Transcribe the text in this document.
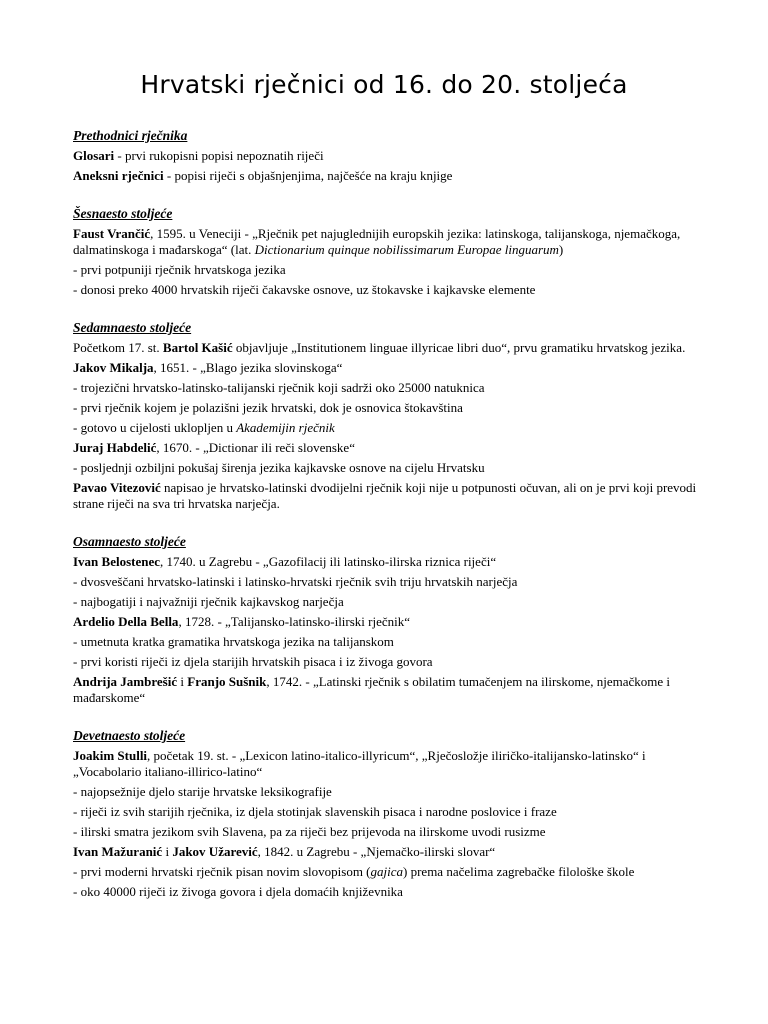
Hrvatski rječnici od 16. do 20. stoljeća
Prethodnici rječnika
Glosari - prvi rukopisni popisi nepoznatih riječi
Aneksni rječnici - popisi riječi s objašnjenjima, najčešće na kraju knjige
Šesnaesto stoljeće
Faust Vrančić, 1595. u Veneciji - „Rječnik pet najuglednijih europskih jezika: latinskoga, talijanskoga, njemačkoga, dalmatinskoga i mađarskoga“ (lat. Dictionarium quinque nobilissimarum Europae linguarum)
- prvi potpuniji rječnik hrvatskoga jezika
- donosi preko 4000 hrvatskih riječi čakavske osnove, uz štokavske i kajkavske elemente
Sedamnaesto stoljeće
Početkom 17. st. Bartol Kašić objavljuje „Institutionem linguae illyricae libri duo“, prvu gramatiku hrvatskog jezika.
Jakov Mikalja, 1651. - „Blago jezika slovinskoga“
- trojezični hrvatsko-latinsko-talijanski rječnik koji sadrži oko 25000 natuknica
- prvi rječnik kojem je polazišni jezik hrvatski, dok je osnovica štokavština
- gotovo u cijelosti uklopljen u Akademijin rječnik
Juraj Habdelić, 1670. - „Dictionar ili reči slovenske“
- posljednji ozbiljni pokušaj širenja jezika kajkavske osnove na cijelu Hrvatsku
Pavao Vitezović napisao je hrvatsko-latinski dvodijelni rječnik koji nije u potpunosti očuvan, ali on je prvi koji prevodi strane riječi na sva tri hrvatska narječja.
Osamnaesto stoljeće
Ivan Belostenec, 1740. u Zagrebu - „Gazofilacij ili latinsko-ilirska riznica riječi“
- dvosveščani hrvatsko-latinski i latinsko-hrvatski rječnik svih triju hrvatskih narječja
- najbogatiji i najvažniji rječnik kajkavskog narječja
Ardelio Della Bella, 1728. - „Talijansko-latinsko-ilirski rječnik“
- umetnuta kratka gramatika hrvatskoga jezika na talijanskom
- prvi koristi riječi iz djela starijih hrvatskih pisaca i iz živoga govora
Andrija Jambrešić i Franjo Sušnik, 1742. - „Latinski rječnik s obilatim tumačenjem na ilirskome, njemačkome i mađarskome“
Devetnaesto stoljeće
Joakim Stulli, početak 19. st. - „Lexicon latino-italico-illyricum“, „Rječosložje iliričko-italijansko-latinsko“ i „Vocabolario italiano-illirico-latino“
- najopsežnije djelo starije hrvatske leksikografije
- riječi iz svih starijih rječnika, iz djela stotinjak slavenskih pisaca i narodne poslovice i fraze
- ilirski smatra jezikom svih Slavena, pa za riječi bez prijevoda na ilirskome uvodi rusizme
Ivan Mažuranić i Jakov Užarević, 1842. u Zagrebu - „Njemačko-ilirski slovar“
- prvi moderni hrvatski rječnik pisan novim slovopisom (gajica) prema načelima zagrebačke filološke škole
- oko 40000 riječi iz živoga govora i djela domaćih književnika
